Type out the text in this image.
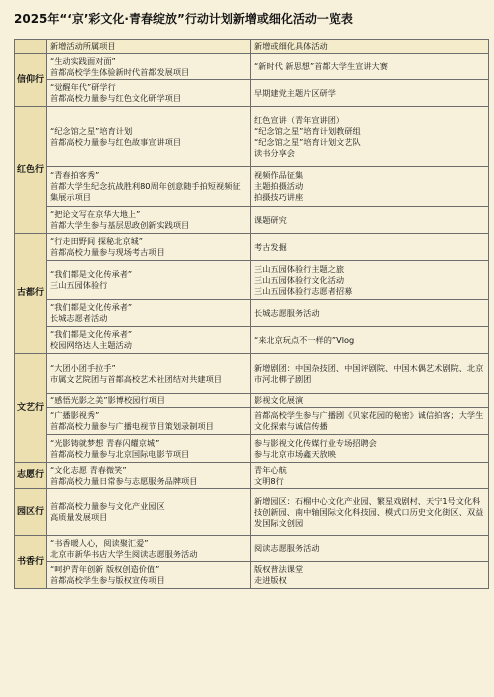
2025年“‘京’彩文化·青春绽放”行动计划新增或细化活动一览表
	新增活动所属项目	新增或细化具体活动
信仰行	“生动实践面对面”
首都高校学生体验新时代首都发展项目	“新时代 新思想”首都大学生宣讲大赛

	“觉醒年代”研学行
首都高校力量参与红色文化研学项目	早期建党主题片区研学

红色行	“纪念馆之星”培育计划
首都高校力量参与红色故事宣讲项目	红色宣讲（青年宣讲团）
“纪念馆之星”培育计划教研组
“纪念馆之星”培育计划文艺队
读书分享会

	“青春拍客秀”
首都大学生纪念抗战胜利80周年创意随手拍短视频征集展示项目	视频作品征集
主题拍摄活动
拍摄技巧讲座

	“把论文写在京华大地上”
首都大学生参与基层思政创新实践项目	课题研究

古都行	“行走田野间 探秘北京城”
首都高校力量参与现场考古项目	考古发掘

	“我们都是文化传承者”
三山五园体验行	三山五园体验行主题之旅
三山五园体验行文化活动
三山五园体验行志愿者招募

	“我们都是文化传承者”
长城志愿者活动	长城志愿服务活动

	“我们都是文化传承者”
校园网络达人主题活动	“来北京玩点不一样的”Vlog

文艺行	“大团小团手拉手”
市属文艺院团与首都高校艺术社团结对共建项目	新增剧团：中国杂技团、中国评剧院、中国木偶艺术剧院、北京市河北梆子剧团

	“感悟光影之美”影博校园行项目	影视文化展演

	“广播影视秀”
首都高校力量参与广播电视节目策划录制项目	首都高校学生参与广播剧《贝家花园的秘密》诚信拍客；大学生文化探索与诚信传播

	“光影铸就梦想 青春闪耀京城”
首都高校力量参与北京国际电影节项目	参与影视文化传媒行业专场招聘会
参与北京市场鑫天放映

志愿行	“文化志愿 青春微笑”
首都高校力量日常参与志愿服务品牌项目	青年心航
文明8行

园区行	首都高校力量参与文化产业园区
高质量发展项目	新增园区：石榴中心文化产业园、繁星戏剧村、天宁1号文化科技创新园、南中轴国际文化科技园、模式口历史文化街区、双益发国际文创园

书香行	“书香暖人心，阅读聚汇爱”
北京市新华书店大学生阅读志愿服务活动	阅读志愿服务活动

	“呵护青年创新 版权创造价值”
首都高校学生参与版权宣传项目	版权普法课堂
走进版权
